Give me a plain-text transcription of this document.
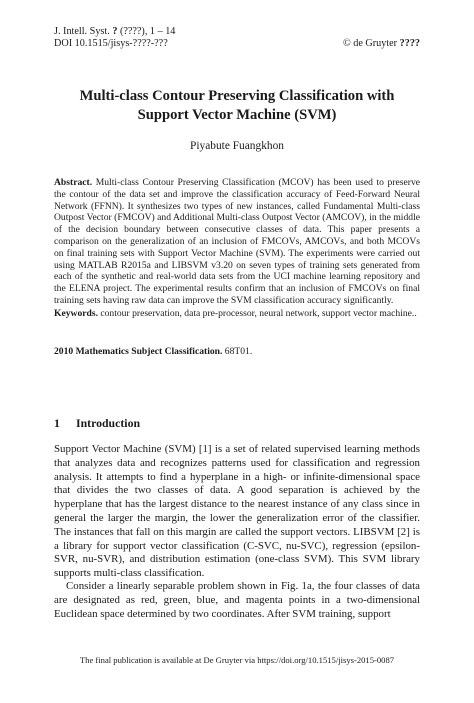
J. Intell. Syst. ? (????), 1 – 14
DOI 10.1515/jisys-????-???	© de Gruyter ????
Multi-class Contour Preserving Classification with
Support Vector Machine (SVM)
Piyabute Fuangkhon
Abstract. Multi-class Contour Preserving Classification (MCOV) has been used to preserve the contour of the data set and improve the classification accuracy of Feed-Forward Neural Network (FFNN). It synthesizes two types of new instances, called Fundamental Multi-class Outpost Vector (FMCOV) and Additional Multi-class Outpost Vector (AMCOV), in the middle of the decision boundary between consecutive classes of data. This paper presents a comparison on the generalization of an inclusion of FMCOVs, AMCOVs, and both MCOVs on final training sets with Support Vector Machine (SVM). The experiments were carried out using MATLAB R2015a and LIBSVM v3.20 on seven types of training sets generated from each of the synthetic and real-world data sets from the UCI machine learning repository and the ELENA project. The experimental results confirm that an inclusion of FMCOVs on final training sets having raw data can improve the SVM classification accuracy significantly.
Keywords. contour preservation, data pre-processor, neural network, support vector machine..
2010 Mathematics Subject Classification. 68T01.
1 Introduction
Support Vector Machine (SVM) [1] is a set of related supervised learning methods that analyzes data and recognizes patterns used for classification and regression analysis. It attempts to find a hyperplane in a high- or infinite-dimensional space that divides the two classes of data. A good separation is achieved by the hyperplane that has the largest distance to the nearest instance of any class since in general the larger the margin, the lower the generalization error of the classifier. The instances that fall on this margin are called the support vectors. LIBSVM [2] is a library for support vector classification (C-SVC, nu-SVC), regression (epsilon-SVR, nu-SVR), and distribution estimation (one-class SVM). This SVM library supports multi-class classification.
Consider a linearly separable problem shown in Fig. 1a, the four classes of data are designated as red, green, blue, and magenta points in a two-dimensional Euclidean space determined by two coordinates. After SVM training, support
The final publication is available at De Gruyter via https://doi.org/10.1515/jisys-2015-0087
